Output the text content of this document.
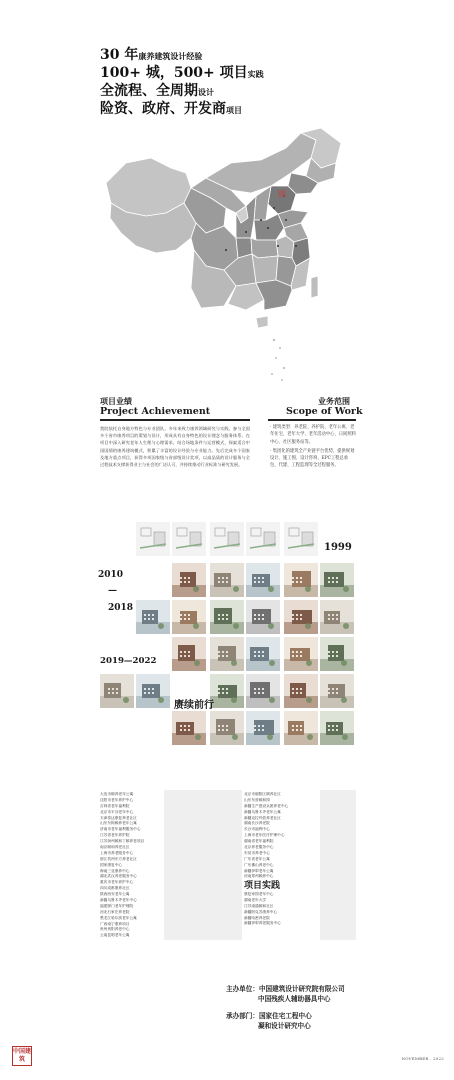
30 年康养建筑设计经验
100+ 城，500+ 项目实践
全流程、全周期设计
险资、政府、开发商项目
项目业绩
Project Achievement
我院依托自身地方特色与专业团队，多年来致力康养领域研究与实践，参与全国多个省市康养项目的策划与设计，形成具有自身特色的设计理念与服务体系。在项目中深入研究老年人生理与心理需求，结合场地条件与运营模式，探索适合中国国情的康养建筑模式，积累了丰富的设计经验与专业能力。先后完成多个国家及地方重点项目，获得多项国家级与省部级设计奖项，以高品质的设计服务与全过程技术支撑获得业主与社会的广泛认可，并持续推动行业标准与研究发展。
业务范围
Scope of Work
· 建筑类型：养老院、养护院、老年公寓、老年住宅、老年大学、老年活动中心、日间照料中心、社区服务站等。
· 集团化的建筑全产业链平台优势，提供规划设计、施工图、设计咨询、EPC工程总承包、代建、工程监理等全过程服务。
1999
2010
—
2018
2019—2022
赓续前行
大连市颐养老年公寓
沈阳市老年养护中心
吉林省老年福利院
北京市平谷老年中心
天津泰达康复养老社区
山东东阿颐养老年公寓
济南市老年福利服务中心
江苏省老年养护院
江苏扬州颐和丁颐养老项目
南京颐和养老社区
上海市养老服务中心
浙江杭州东方养老社区
国家康复中心
海南三亚康养中心
湖北武汉养老服务中心
重庆市老年养护中心
四川成都康养社区
陕西西安老年公寓
新疆乌鲁木齐老年中心
福建厦门老年护理院
河北石家庄养老院
黑龙江哈尔滨老年公寓
广西南宁康养项目
贵州贵阳养老中心
云南昆明老年公寓
北京市朝阳区颐养社区
山东东营颐和园
新疆生产建设兵团养老中心
新疆乌鲁木齐老年公寓
新疆克拉玛依养老社区
湖南长沙养老院
长沙市福利中心
上海市老年医疗护理中心
湖南省老年福利院
北京养老服务中心
东莞市养老中心
广东省老年公寓
广东佛山养老中心
新疆伊犁老年公寓
河南郑州颐养中心
项目实践
康复家园老年中心
湖南老年大学
江苏南通颐和社区
新疆阿克苏康养中心
新疆哈密养老院
新疆伊犁养老服务中心
主办单位：中国建筑设计研究院有限公司
中国残疾人辅助器具中心
承办部门：国家住宅工程中心
凝和设计研究中心
中国建筑	NOVEMBER . 2022
